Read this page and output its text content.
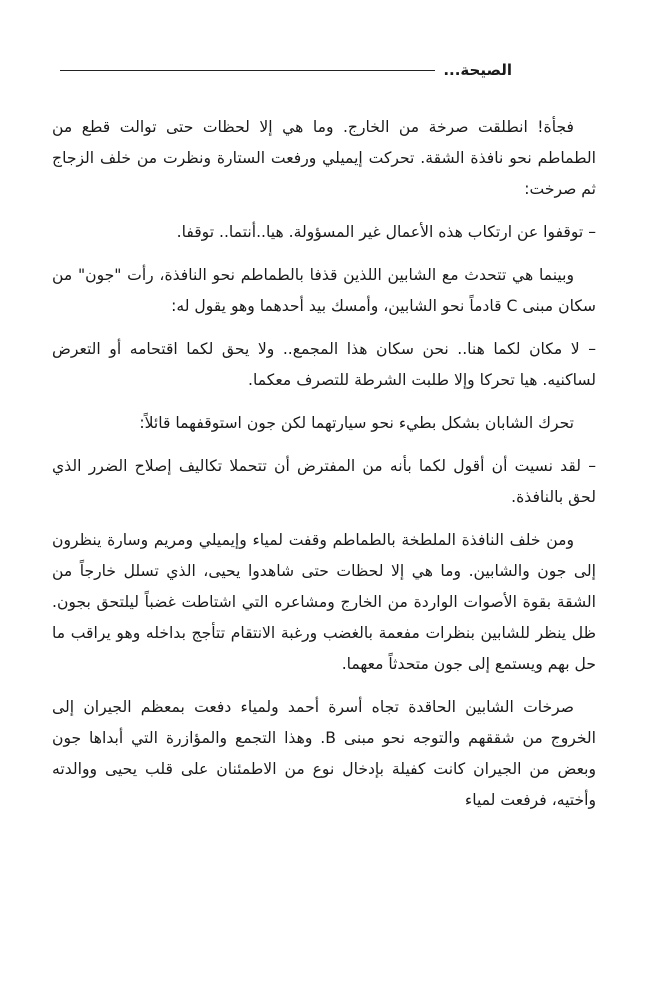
الصيحة...

فجأة! انطلقت صرخة من الخارج. وما هي إلا لحظات حتى توالت قطع من الطماطم نحو نافذة الشقة. تحركت إيميلي ورفعت الستارة ونظرت من خلف الزجاج ثم صرخت:

– توقفوا عن ارتكاب هذه الأعمال غير المسؤولة. هيا..أنتما.. توقفا.

وبينما هي تتحدث مع الشابين اللذين قذفا بالطماطم نحو النافذة، رأت "جون" من سكان مبنى C قادماً نحو الشابين، وأمسك بيد أحدهما وهو يقول له:

– لا مكان لكما هنا.. نحن سكان هذا المجمع.. ولا يحق لكما اقتحامه أو التعرض لساكنيه. هيا تحركا وإلا طلبت الشرطة للتصرف معكما.

تحرك الشابان بشكل بطيء نحو سيارتهما لكن جون استوقفهما قائلاً:

– لقد نسيت أن أقول لكما بأنه من المفترض أن تتحملا تكاليف إصلاح الضرر الذي لحق بالنافذة.

ومن خلف النافذة الملطخة بالطماطم وقفت لمياء وإيميلي ومريم وسارة ينظرون إلى جون والشابين. وما هي إلا لحظات حتى شاهدوا يحيى، الذي تسلل خارجاً من الشقة بقوة الأصوات الواردة من الخارج ومشاعره التي اشتاطت غضباً ليلتحق بجون. ظل ينظر للشابين بنظرات مفعمة بالغضب ورغبة الانتقام تتأجج بداخله وهو يراقب ما حل بهم ويستمع إلى جون متحدثاً معهما.

صرخات الشابين الحاقدة تجاه أسرة أحمد ولمياء دفعت بمعظم الجيران إلى الخروج من شققهم والتوجه نحو مبنى B. وهذا التجمع والمؤازرة التي أبداها جون وبعض من الجيران كانت كفيلة بإدخال نوع من الاطمئنان على قلب يحيى ووالدته وأختيه، فرفعت لمياء
